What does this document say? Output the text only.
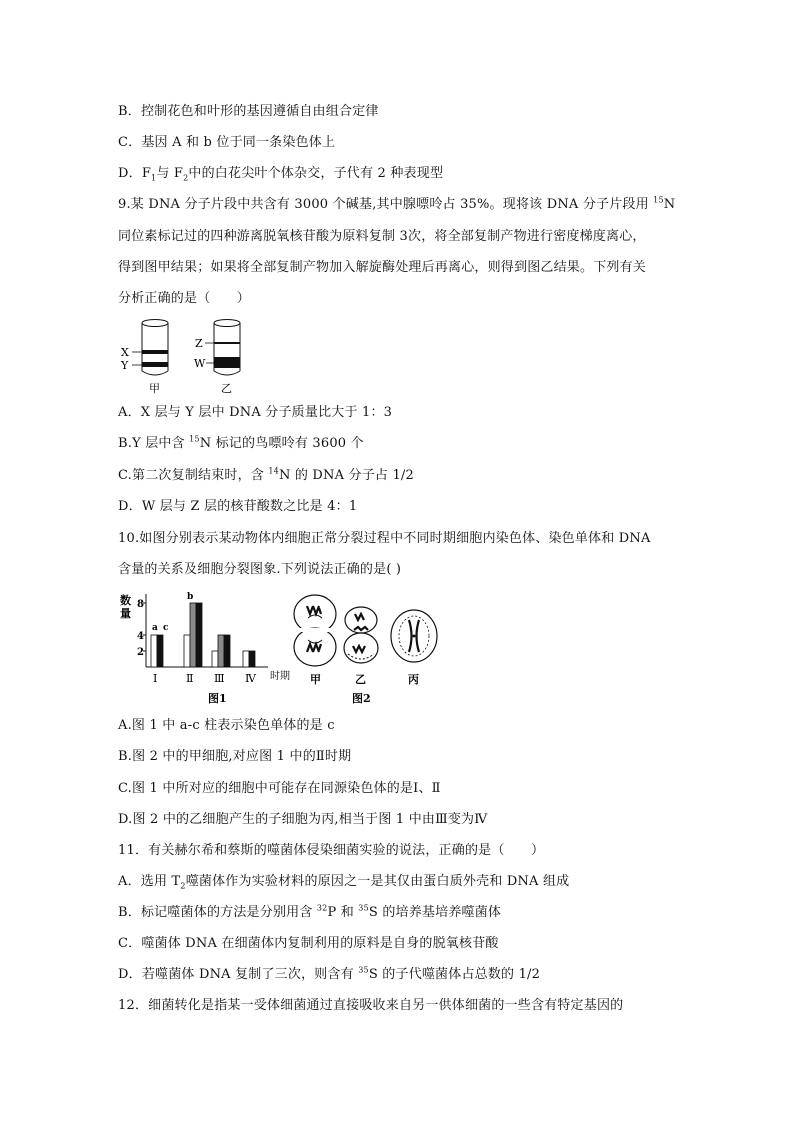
B．控制花色和叶形的基因遵循自由组合定律
C．基因 A 和 b 位于同一条染色体上
D．$F_1$与 $F_2$中的白花尖叶个体杂交，子代有 2 种表现型
9.某 DNA 分子片段中共含有 3000 个碱基,其中腺嘌呤占 35%。现将该 DNA 分子片段用 $^{15}$N
同位素标记过的四种游离脱氧核苷酸为原料复制 3次，将全部复制产物进行密度梯度离心，
得到图甲结果；如果将全部复制产物加入解旋酶处理后再离心，则得到图乙结果。下列有关
分析正确的是（　　）
X
Y
甲
Z
W
乙
A．X 层与 Y 层中 DNA 分子质量比大于 1：3
B.Y 层中含 $^{15}$N 标记的鸟嘌呤有 3600 个
C.第二次复制结束时，含 $^{14}$N 的 DNA 分子占 1/2
D．W 层与 Z 层的核苷酸数之比是 4：1
10.如图分别表示某动物体内细胞正常分裂过程中不同时期细胞内染色体、染色单体和 DNA
含量的关系及细胞分裂图象.下列说法正确的是( )
数
量
时期
图1
8
4
2
Ⅰ	Ⅱ Ⅲ Ⅳ
a c
b
甲	乙	丙
图2
A.图 1 中 a-c 柱表示染色单体的是 c
B.图 2 中的甲细胞,对应图 1 中的Ⅱ时期
C.图 1 中所对应的细胞中可能存在同源染色体的是Ⅰ、Ⅱ
D.图 2 中的乙细胞产生的子细胞为丙,相当于图 1 中由Ⅲ变为Ⅳ
11．有关赫尔希和蔡斯的噬菌体侵染细菌实验的说法，正确的是（　　）
A．选用 $T_2$噬菌体作为实验材料的原因之一是其仅由蛋白质外壳和 DNA 组成
B．标记噬菌体的方法是分别用含 $^{32}$P 和 $^{35}$S 的培养基培养噬菌体
C．噬菌体 DNA 在细菌体内复制利用的原料是自身的脱氧核苷酸
D．若噬菌体 DNA 复制了三次，则含有 $^{35}$S 的子代噬菌体占总数的 1/2
12．细菌转化是指某一受体细菌通过直接吸收来自另一供体细菌的一些含有特定基因的
